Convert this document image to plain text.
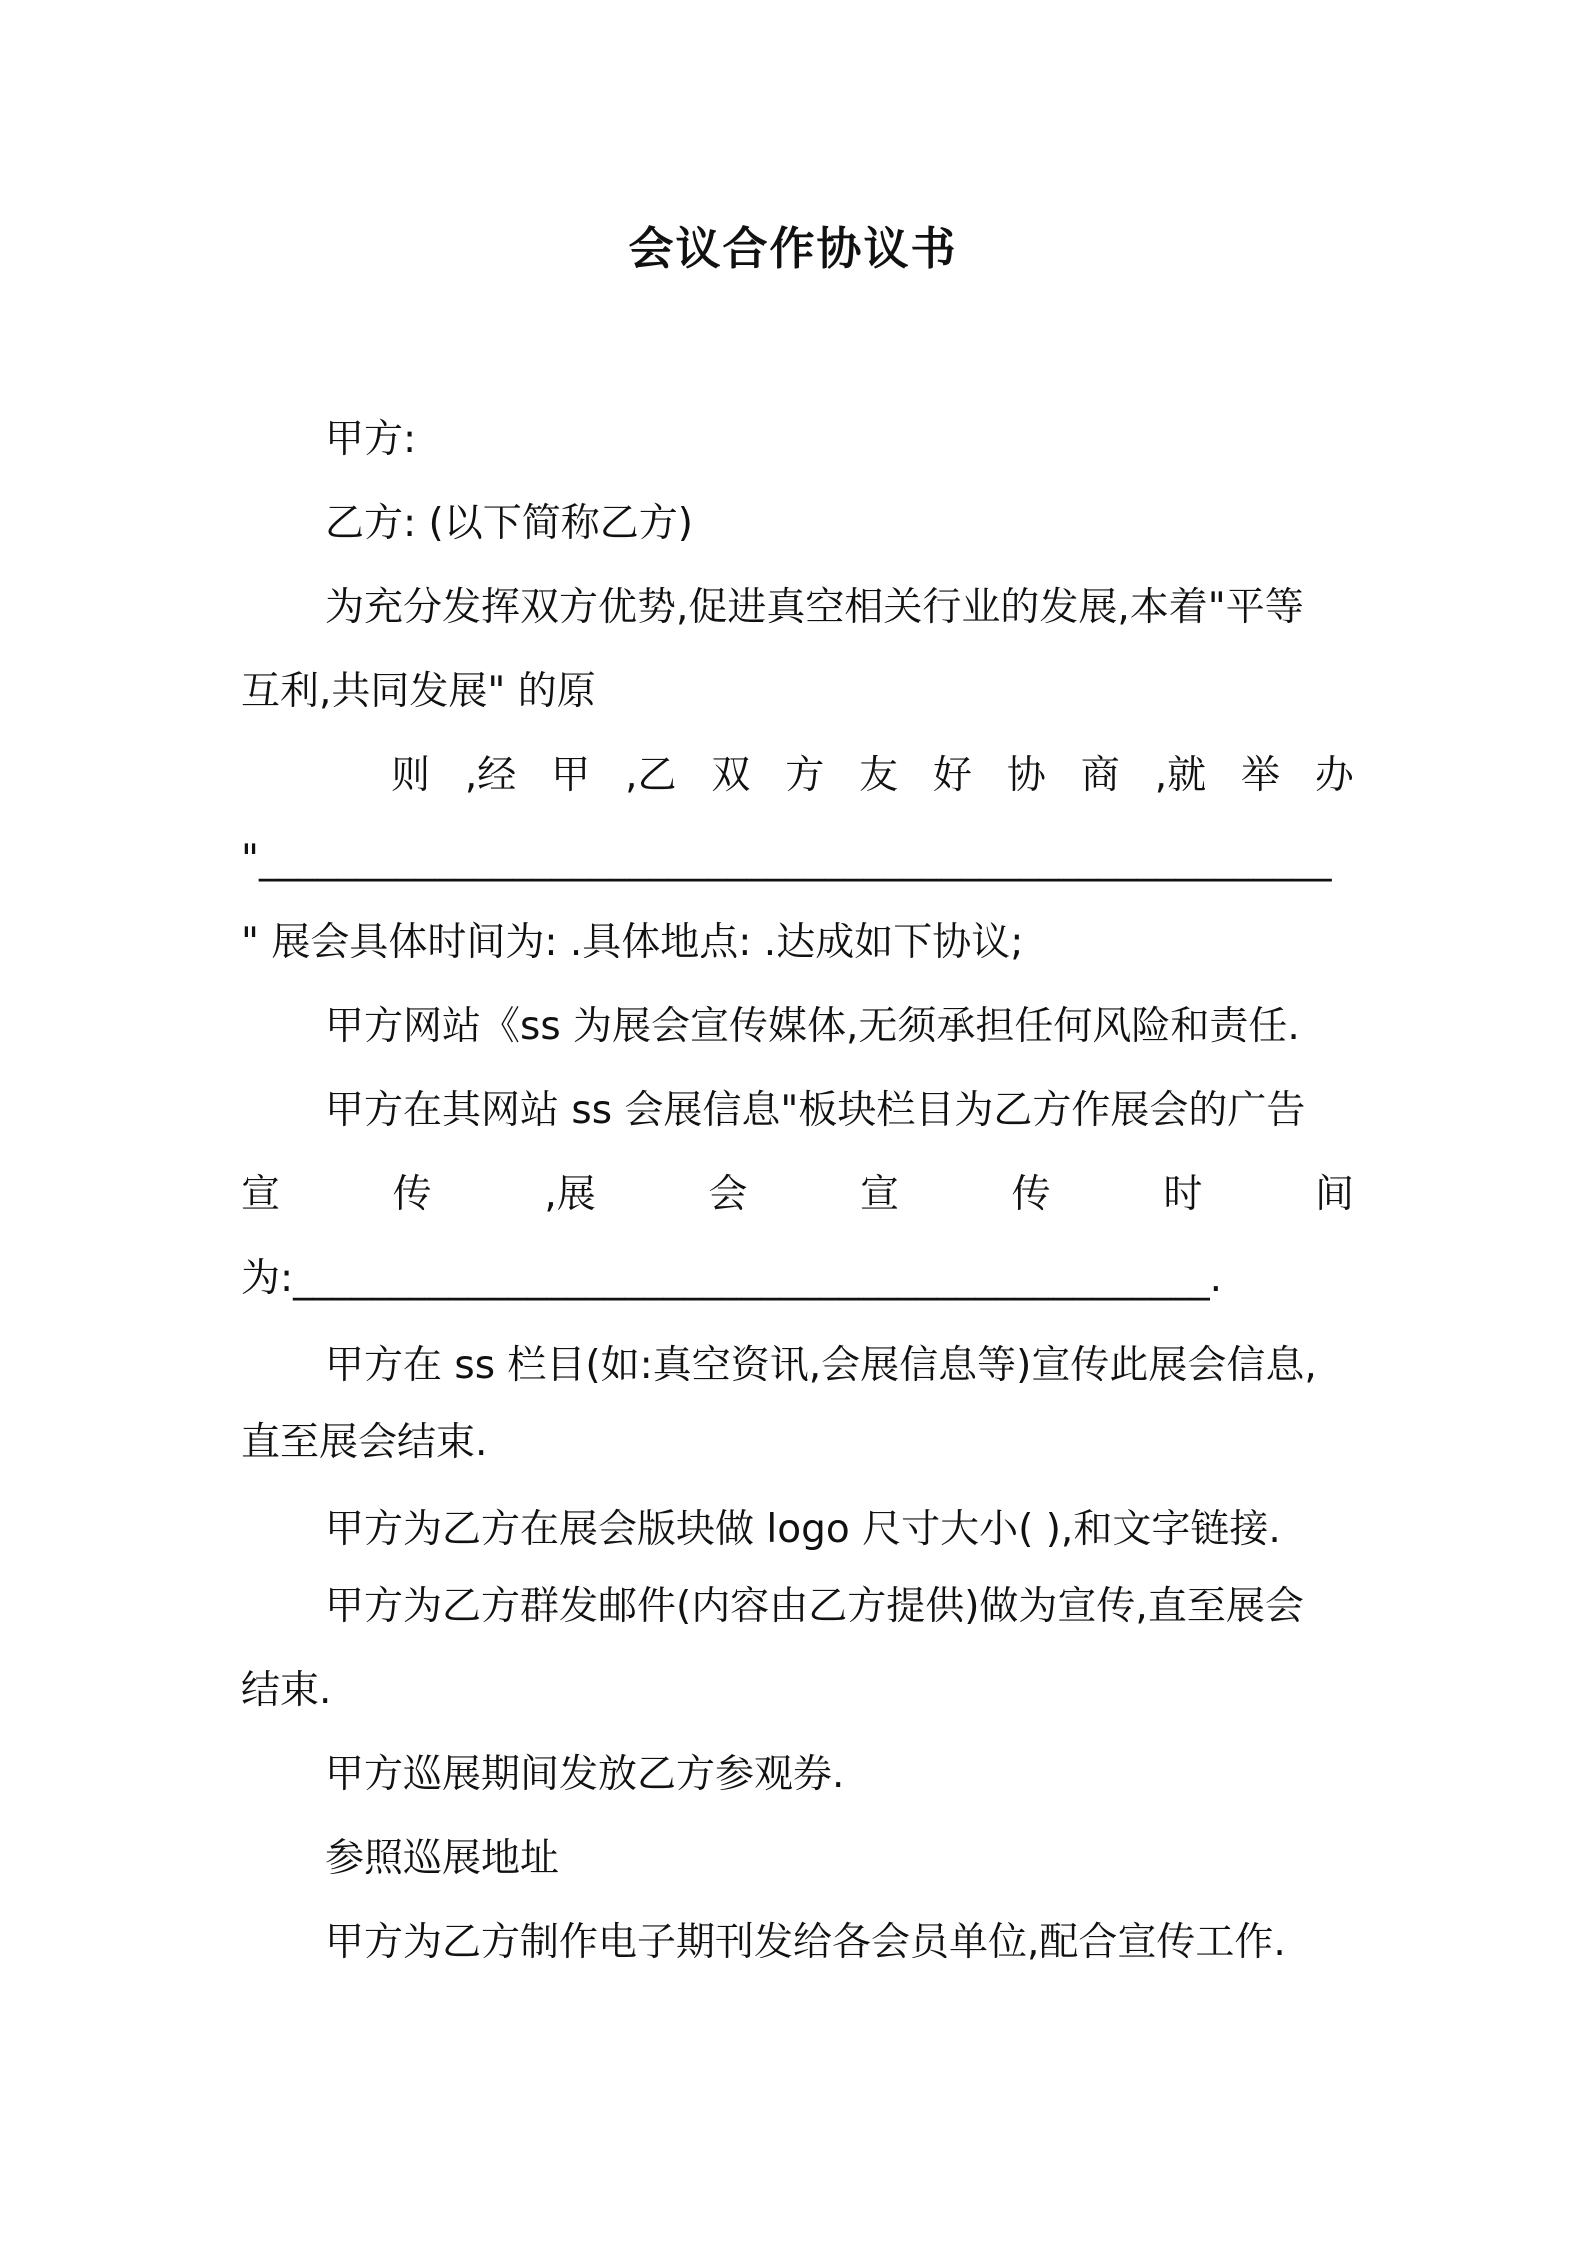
会议合作协议书
甲方:
乙方: (以下简称乙方)
为充分发挥双方优势,促进真空相关行业的发展,本着"平等
互利,共同发展" 的原
则 ,经 甲 ,乙 双 方 友 好 协 商 ,就 举 办
"_______________________________________________________
" 展会具体时间为: .具体地点: .达成如下协议;
甲方网站《ss 为展会宣传媒体,无须承担任何风险和责任.
甲方在其网站 ss 会展信息"板块栏目为乙方作展会的广告
宣	传	,展	会	宣	传	时	间
为:_______________________________________________.
甲方在 ss 栏目(如:真空资讯,会展信息等)宣传此展会信息,
直至展会结束.
甲方为乙方在展会版块做 logo 尺寸大小( ),和文字链接.
甲方为乙方群发邮件(内容由乙方提供)做为宣传,直至展会
结束.
甲方巡展期间发放乙方参观券.
参照巡展地址
甲方为乙方制作电子期刊发给各会员单位,配合宣传工作.
